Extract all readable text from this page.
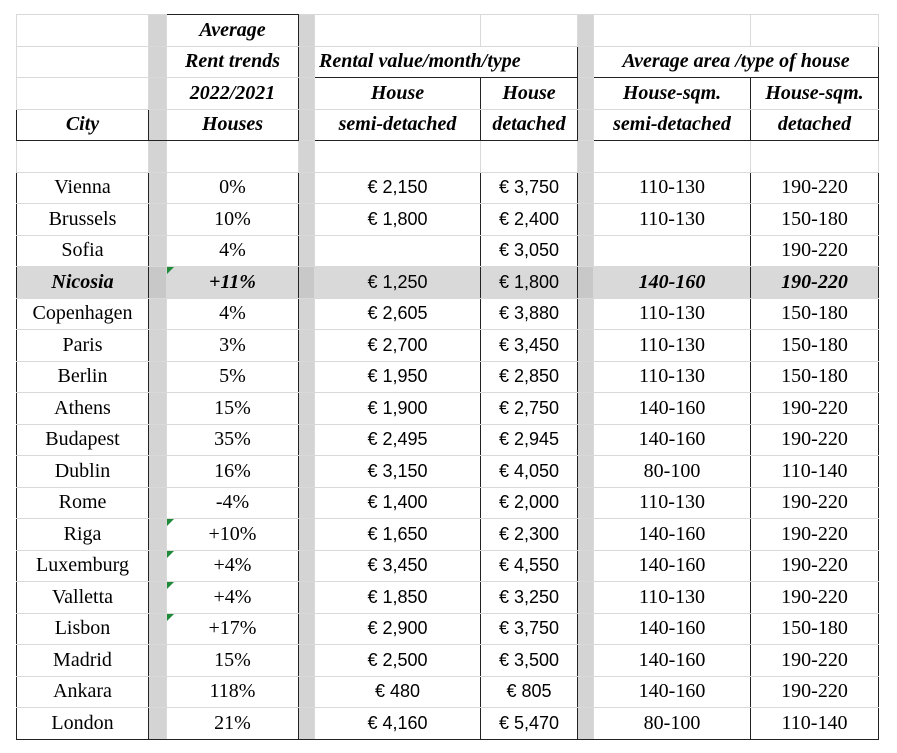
		Average						
		Rent trends		Rental value/month/type			Average area /type of house	
		2022/2021		House	House		House-sqm.	House-sqm.
City		Houses		semi-detached	detached		semi-detached	detached

Vienna		0%		€ 2,150	€ 3,750		110-130	190-220
Brussels		10%		€ 1,800	€ 2,400		110-130	150-180
Sofia		4%			€ 3,050			190-220
Nicosia		+11%		€ 1,250	€ 1,800		140-160	190-220
Copenhagen		4%		€ 2,605	€ 3,880		110-130	150-180
Paris		3%		€ 2,700	€ 3,450		110-130	150-180
Berlin		5%		€ 1,950	€ 2,850		110-130	150-180
Athens		15%		€ 1,900	€ 2,750		140-160	190-220
Budapest		35%		€ 2,495	€ 2,945		140-160	190-220
Dublin		16%		€ 3,150	€ 4,050		80-100	110-140
Rome		-4%		€ 1,400	€ 2,000		110-130	190-220
Riga		+10%		€ 1,650	€ 2,300		140-160	190-220
Luxemburg		+4%		€ 3,450	€ 4,550		140-160	190-220
Valletta		+4%		€ 1,850	€ 3,250		110-130	190-220
Lisbon		+17%		€ 2,900	€ 3,750		140-160	150-180
Madrid		15%		€ 2,500	€ 3,500		140-160	190-220
Ankara		118%		€ 480	€ 805		140-160	190-220
London		21%		€ 4,160	€ 5,470		80-100	110-140
